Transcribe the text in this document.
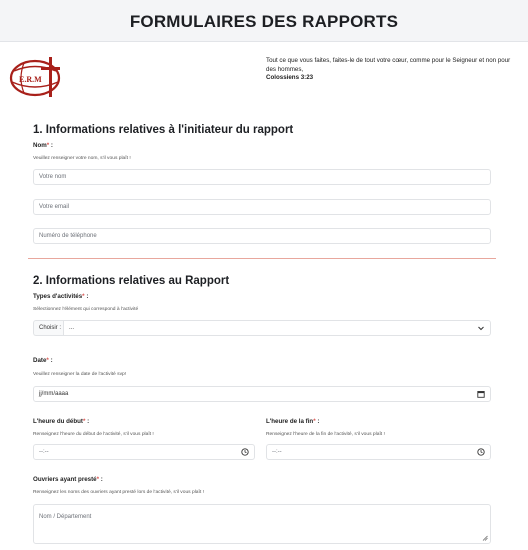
FORMULAIRES DES RAPPORTS
E.R.M
Tout ce que vous faites, faites-le de tout votre cœur, comme pour le Seigneur et non pour des hommes,
Colossiens 3:23
1. Informations relatives à l'initiateur du rapport
Nom* :
Veuillez renseigner votre nom, s'il vous plaît !
Votre nom
Votre email
Numéro de téléphone
2. Informations relatives au Rapport
Types d'activités* :
Sélectionnez l'élément qui correspond à l'activité
Choisir :	...
Date* :
Veuillez renseigner la date de l'activité svp!
jj/mm/aaaa
L'heure du début* :
Renseignez l'heure du début de l'activité, s'il vous plaît !
L'heure de la fin* :
Renseignez l'heure de la fin de l'activité, s'il vous plaît !
--:--	--:--
Ouvriers ayant presté* :
Renseignez les noms des ouvriers ayant presté lors de l'activité, s'il vous plaît !
Nom / Département
